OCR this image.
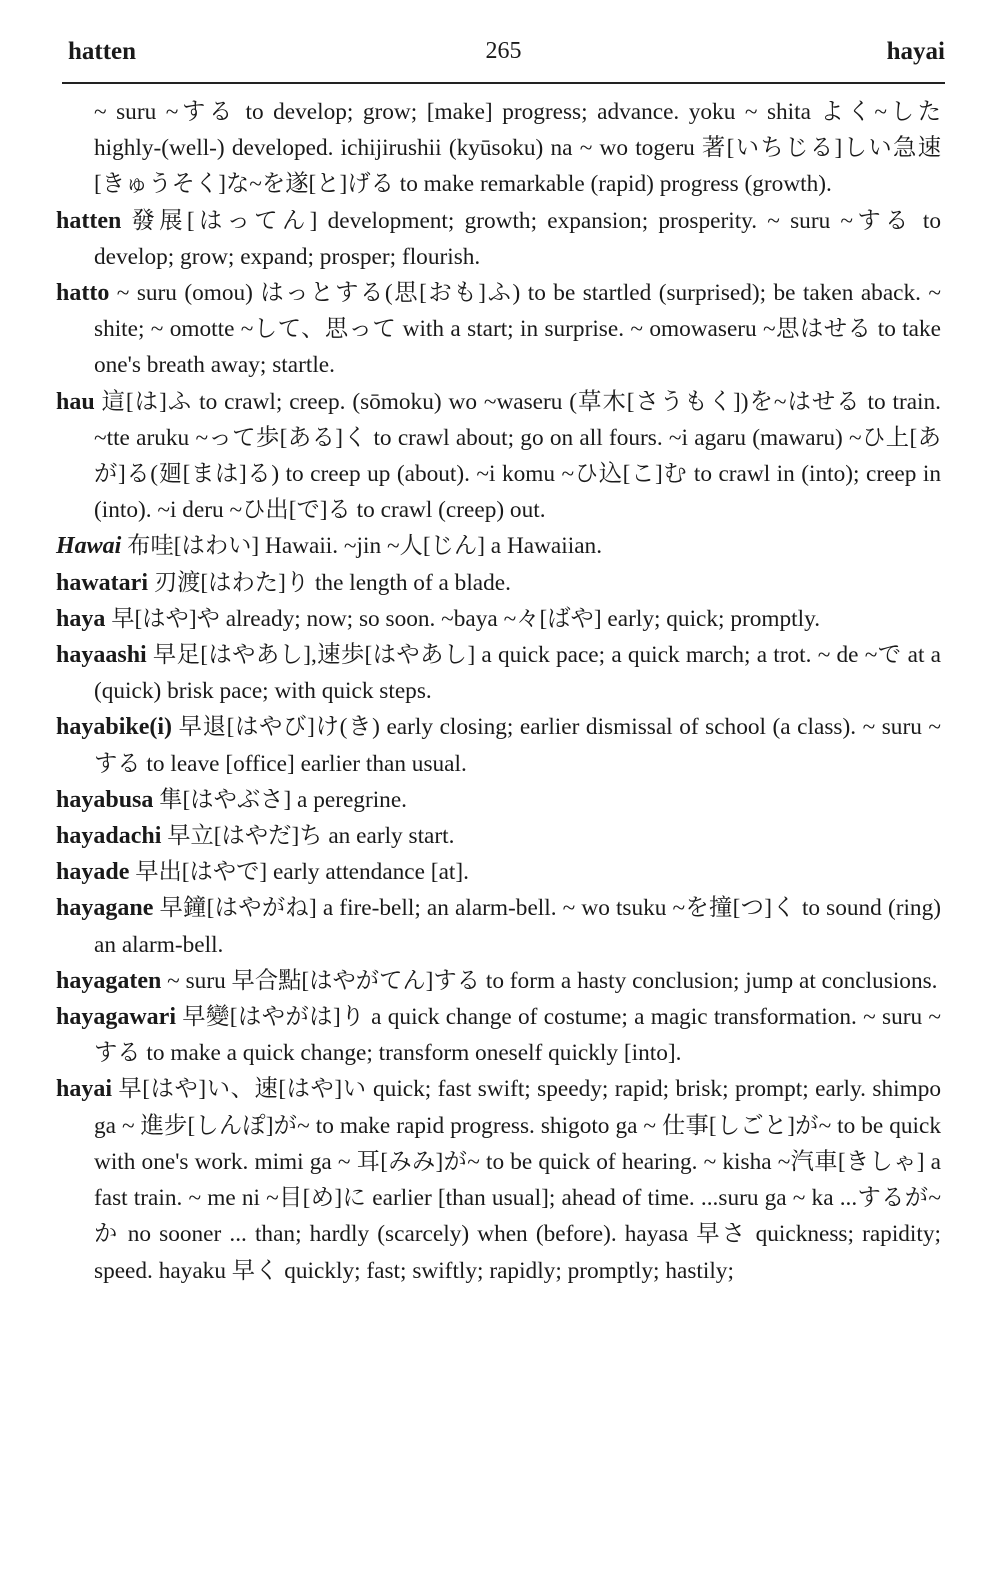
hatten	265	hayai

~ suru ~する to develop; grow; [make] progress; advance. yoku ~ shita よく~した highly-(well-) developed. ichijirushii (kyūsoku) na ~ wo togeru 著[いちじる]しい急速[きゅうそく]な~を遂[と]げる to make remarkable (rapid) progress (growth).

hatten 發展[はってん] development; growth; expansion; prosperity. ~ suru ~する to develop; grow; expand; prosper; flourish.

hatto ~ suru (omou) はっとする(思[おも]ふ) to be startled (surprised); be taken aback. ~ shite; ~ omotte ~して、思って with a start; in surprise. ~ omowaseru ~思はせる to take one's breath away; startle.

hau 這[は]ふ to crawl; creep. (sōmoku) wo ~waseru (草木[さうもく])を~はせる to train. ~tte aruku ~って歩[ある]く to crawl about; go on all fours. ~i agaru (mawaru) ~ひ上[あが]る(廻[まは]る) to creep up (about). ~i komu ~ひ込[こ]む to crawl in (into); creep in (into). ~i deru ~ひ出[で]る to crawl (creep) out.

Hawai 布哇[はわい] Hawaii. ~jin ~人[じん] a Hawaiian.

hawatari 刃渡[はわた]り the length of a blade.

haya 早[はや]や already; now; so soon. ~baya ~々[ばや] early; quick; promptly.

hayaashi 早足[はやあし],速歩[はやあし] a quick pace; a quick march; a trot. ~ de ~で at a (quick) brisk pace; with quick steps.

hayabike(i) 早退[はやび]け(き) early closing; earlier dismissal of school (a class). ~ suru ~する to leave [office] earlier than usual.

hayabusa 隼[はやぶさ] a peregrine.

hayadachi 早立[はやだ]ち an early start.

hayade 早出[はやで] early attendance [at].

hayagane 早鐘[はやがね] a fire-bell; an alarm-bell. ~ wo tsuku ~を撞[つ]く to sound (ring) an alarm-bell.

hayagaten ~ suru 早合點[はやがてん]する to form a hasty conclusion; jump at conclusions.

hayagawari 早變[はやがは]り a quick change of costume; a magic transformation. ~ suru ~する to make a quick change; transform oneself quickly [into].

hayai 早[はや]い、速[はや]い quick; fast swift; speedy; rapid; brisk; prompt; early. shimpo ga ~ 進步[しんぽ]が~ to make rapid progress. shigoto ga ~ 仕事[しごと]が~ to be quick with one's work. mimi ga ~ 耳[みみ]が~ to be quick of hearing. ~ kisha ~汽車[きしゃ] a fast train. ~ me ni ~目[め]に earlier [than usual]; ahead of time. ...suru ga ~ ka ...するが~か no sooner ... than; hardly (scarcely) when (before). hayasa 早さ quickness; rapidity; speed. hayaku 早く quickly; fast; swiftly; rapidly; promptly; hastily;
